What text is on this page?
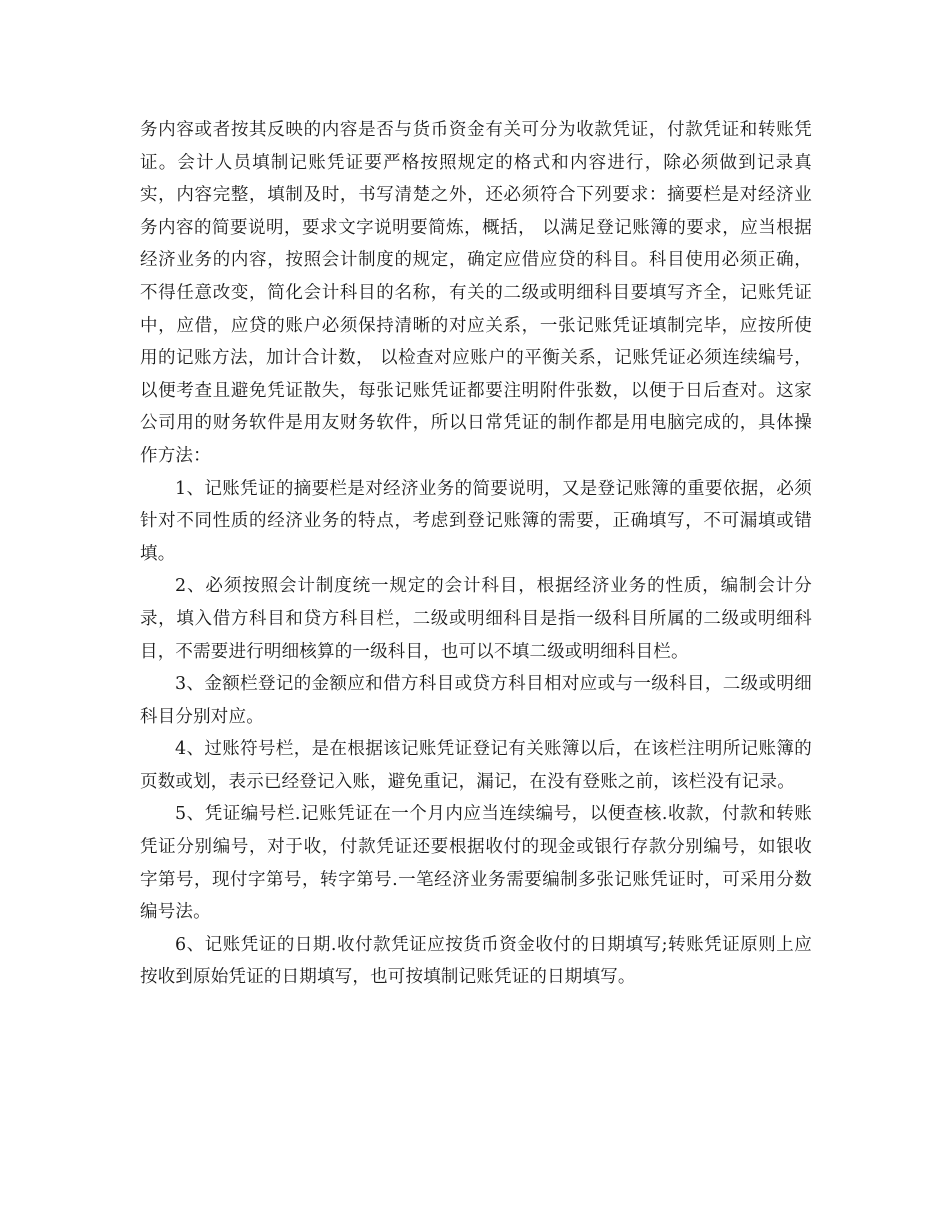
务内容或者按其反映的内容是否与货币资金有关可分为收款凭证，付款凭证和转账凭证。会计人员填制记账凭证要严格按照规定的格式和内容进行，除必须做到记录真实，内容完整，填制及时，书写清楚之外，还必须符合下列要求：摘要栏是对经济业务内容的简要说明，要求文字说明要简炼，概括， 以满足登记账簿的要求，应当根据经济业务的内容，按照会计制度的规定，确定应借应贷的科目。科目使用必须正确，不得任意改变，简化会计科目的名称，有关的二级或明细科目要填写齐全，记账凭证中，应借，应贷的账户必须保持清晰的对应关系，一张记账凭证填制完毕，应按所使用的记账方法，加计合计数， 以检查对应账户的平衡关系，记账凭证必须连续编号，以便考查且避免凭证散失，每张记账凭证都要注明附件张数，以便于日后查对。这家公司用的财务软件是用友财务软件，所以日常凭证的制作都是用电脑完成的，具体操作方法：

1、记账凭证的摘要栏是对经济业务的简要说明，又是登记账簿的重要依据，必须针对不同性质的经济业务的特点，考虑到登记账簿的需要，正确填写，不可漏填或错填。

2、必须按照会计制度统一规定的会计科目，根据经济业务的性质，编制会计分录，填入借方科目和贷方科目栏，二级或明细科目是指一级科目所属的二级或明细科目，不需要进行明细核算的一级科目，也可以不填二级或明细科目栏。

3、金额栏登记的金额应和借方科目或贷方科目相对应或与一级科目，二级或明细科目分别对应。

4、过账符号栏，是在根据该记账凭证登记有关账簿以后，在该栏注明所记账簿的页数或划，表示已经登记入账，避免重记，漏记，在没有登账之前，该栏没有记录。

5、凭证编号栏.记账凭证在一个月内应当连续编号，以便查核.收款，付款和转账凭证分别编号，对于收，付款凭证还要根据收付的现金或银行存款分别编号，如银收字第号，现付字第号，转字第号.一笔经济业务需要编制多张记账凭证时，可采用分数编号法。

6、记账凭证的日期.收付款凭证应按货币资金收付的日期填写;转账凭证原则上应按收到原始凭证的日期填写，也可按填制记账凭证的日期填写。
